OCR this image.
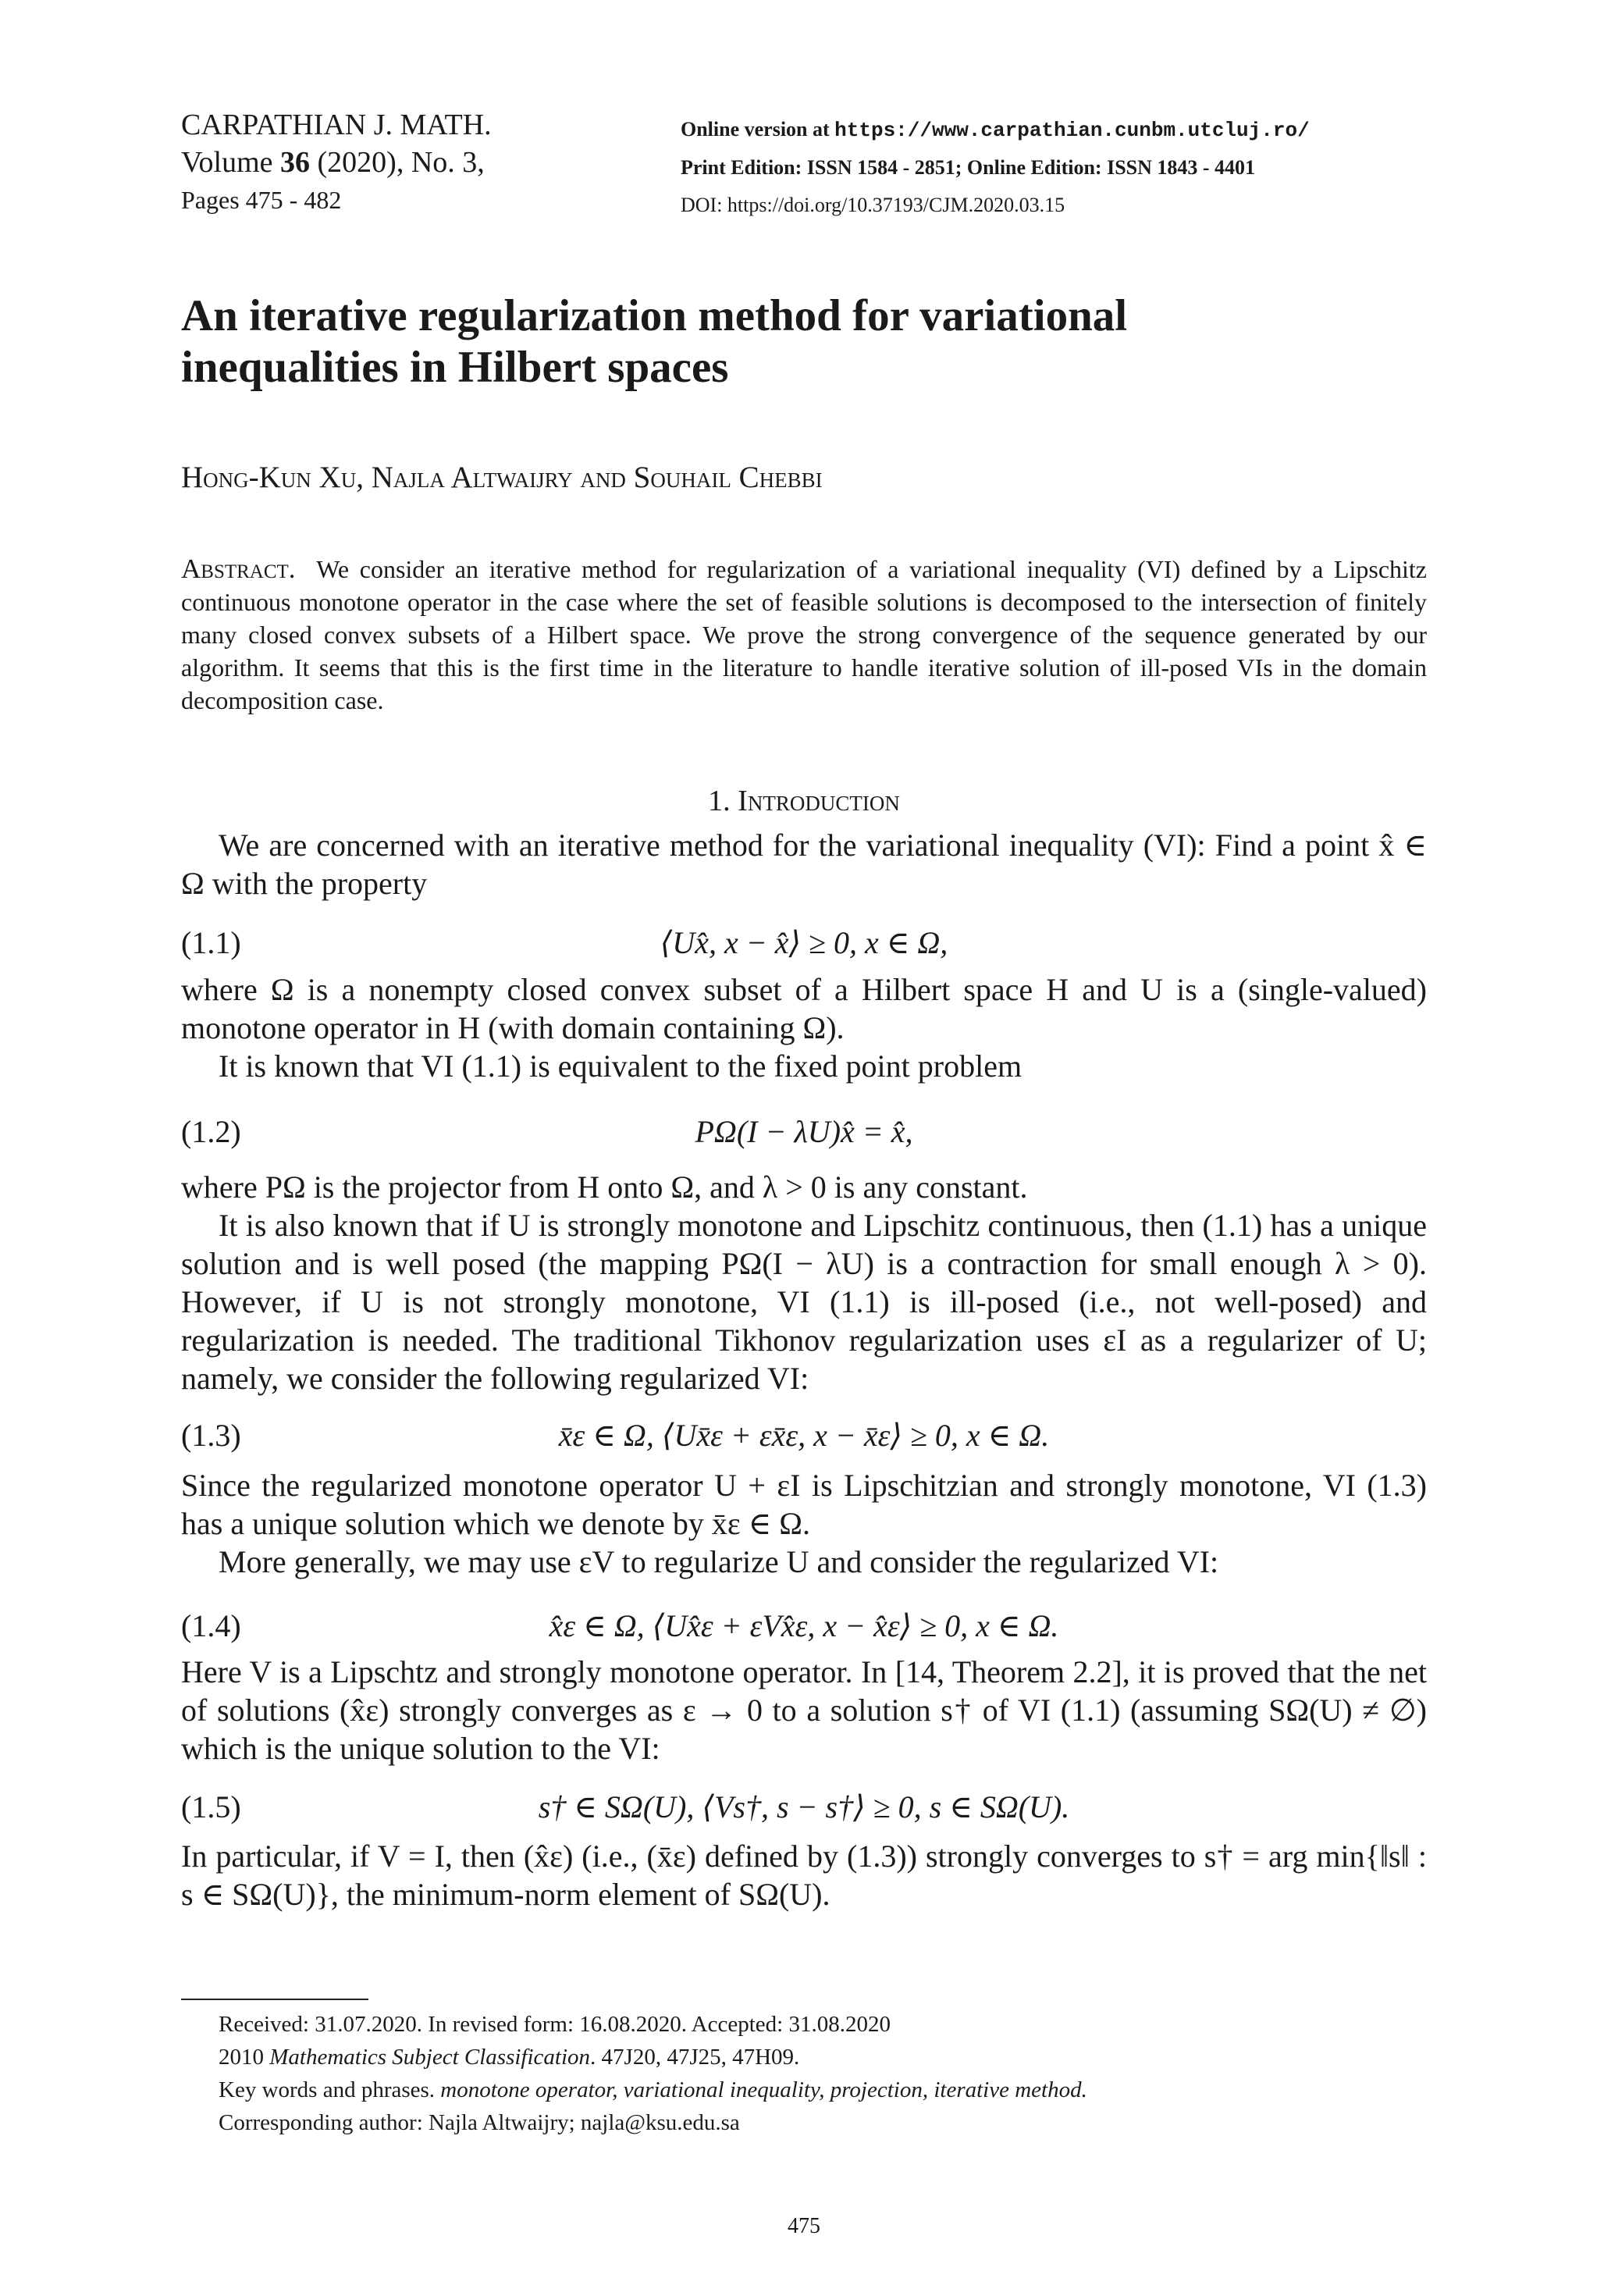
CARPATHIAN J. MATH.
Volume 36 (2020), No. 3,
Pages 475 - 482
Online version at https://www.carpathian.cunbm.utcluj.ro/
Print Edition: ISSN 1584 - 2851; Online Edition: ISSN 1843 - 4401
DOI: https://doi.org/10.37193/CJM.2020.03.15
An iterative regularization method for variational
inequalities in Hilbert spaces
Hong-Kun Xu, Najla Altwaijry and Souhail Chebbi
Abstract. We consider an iterative method for regularization of a variational inequality (VI) defined by a Lipschitz continuous monotone operator in the case where the set of feasible solutions is decomposed to the intersection of finitely many closed convex subsets of a Hilbert space. We prove the strong convergence of the sequence generated by our algorithm. It seems that this is the first time in the literature to handle iterative solution of ill-posed VIs in the domain decomposition case.
1. Introduction
We are concerned with an iterative method for the variational inequality (VI): Find a point x̂ ∈ Ω with the property
(1.1)	⟨Ux̂, x − x̂⟩ ≥ 0, x ∈ Ω,
where Ω is a nonempty closed convex subset of a Hilbert space H and U is a (single-valued) monotone operator in H (with domain containing Ω).
It is known that VI (1.1) is equivalent to the fixed point problem
(1.2)	PΩ(I − λU)x̂ = x̂,
where PΩ is the projector from H onto Ω, and λ > 0 is any constant.
It is also known that if U is strongly monotone and Lipschitz continuous, then (1.1) has a unique solution and is well posed (the mapping PΩ(I − λU) is a contraction for small enough λ > 0). However, if U is not strongly monotone, VI (1.1) is ill-posed (i.e., not well-posed) and regularization is needed. The traditional Tikhonov regularization uses εI as a regularizer of U; namely, we consider the following regularized VI:
(1.3)	x̄ε ∈ Ω, ⟨Ux̄ε + εx̄ε, x − x̄ε⟩ ≥ 0, x ∈ Ω.
Since the regularized monotone operator U + εI is Lipschitzian and strongly monotone, VI (1.3) has a unique solution which we denote by x̄ε ∈ Ω.
More generally, we may use εV to regularize U and consider the regularized VI:
(1.4)	x̂ε ∈ Ω, ⟨Ux̂ε + εVx̂ε, x − x̂ε⟩ ≥ 0, x ∈ Ω.
Here V is a Lipschtz and strongly monotone operator. In [14, Theorem 2.2], it is proved that the net of solutions (x̂ε) strongly converges as ε → 0 to a solution s† of VI (1.1) (assuming SΩ(U) ≠ ∅) which is the unique solution to the VI:
(1.5)	s† ∈ SΩ(U), ⟨Vs†, s − s†⟩ ≥ 0, s ∈ SΩ(U).
In particular, if V = I, then (x̂ε) (i.e., (x̄ε) defined by (1.3)) strongly converges to s† = arg min{‖s‖ : s ∈ SΩ(U)}, the minimum-norm element of SΩ(U).
Received: 31.07.2020. In revised form: 16.08.2020. Accepted: 31.08.2020
2010 Mathematics Subject Classification. 47J20, 47J25, 47H09.
Key words and phrases. monotone operator, variational inequality, projection, iterative method.
Corresponding author: Najla Altwaijry; najla@ksu.edu.sa
475
